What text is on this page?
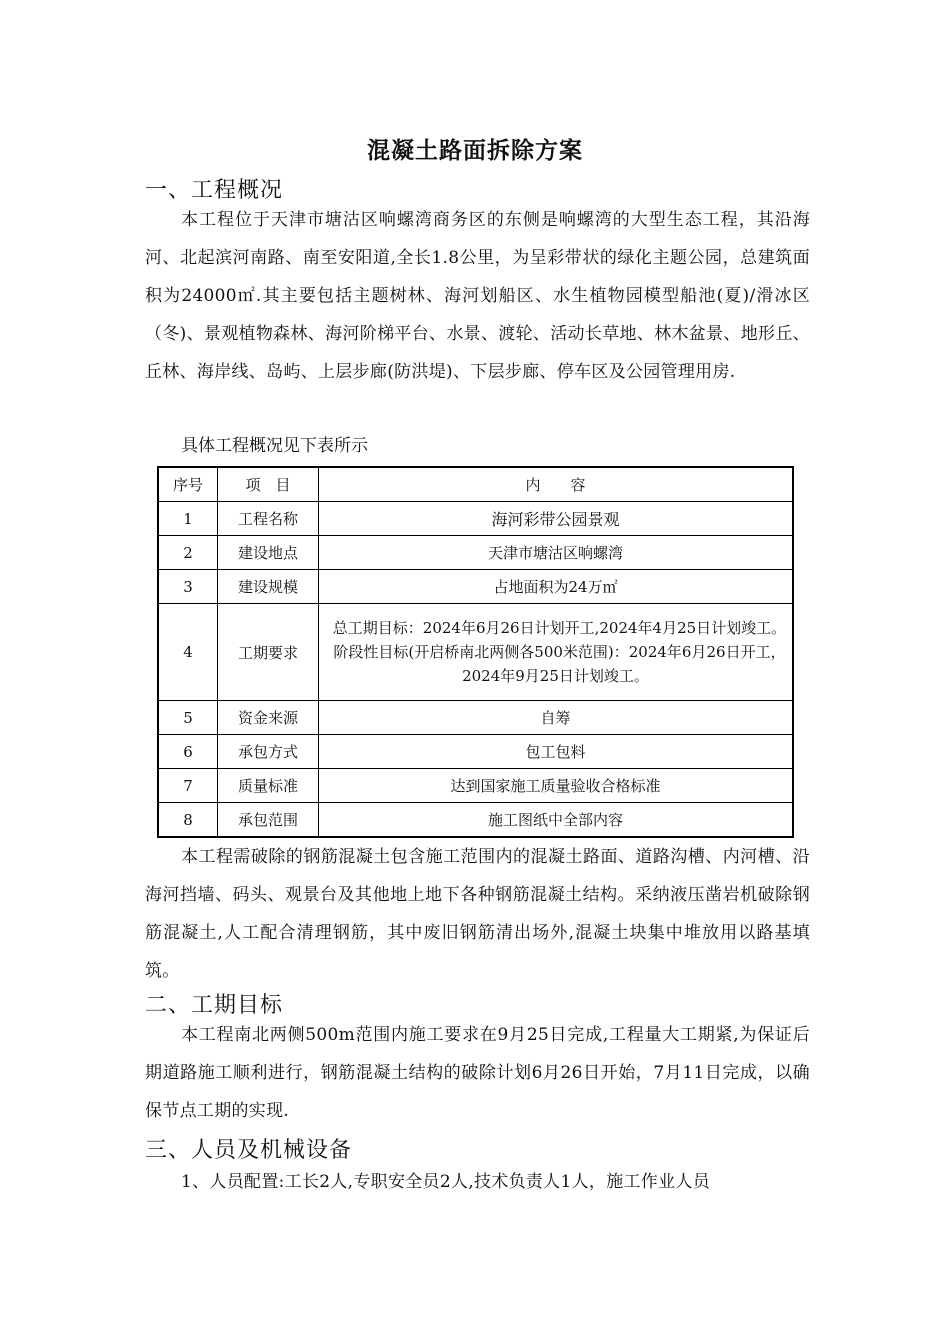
混凝土路面拆除方案
一、工程概况
本工程位于天津市塘沽区响螺湾商务区的东侧是响螺湾的大型生态工程，其沿海河、北起滨河南路、南至安阳道,全长1.8公里，为呈彩带状的绿化主题公园，总建筑面积为24000㎡.其主要包括主题树林、海河划船区、水生植物园模型船池(夏)/滑冰区（冬)、景观植物森林、海河阶梯平台、水景、渡轮、活动长草地、林木盆景、地形丘、丘林、海岸线、岛屿、上层步廊(防洪堤)、下层步廊、停车区及公园管理用房.
具体工程概况见下表所示
序号	项　目	内　　容
1	工程名称	海河彩带公园景观
2	建设地点	天津市塘沽区响螺湾
3	建设规模	占地面积为24万㎡
4	工期要求	总工期目标：2024年6月26日计划开工,2024年4月25日计划竣工。
阶段性目标(开启桥南北两侧各500米范围)：2024年6月26日开工，2024年9月25日计划竣工。

5	资金来源	自筹
6	承包方式	包工包料
7	质量标准	达到国家施工质量验收合格标准
8	承包范围	施工图纸中全部内容
本工程需破除的钢筋混凝土包含施工范围内的混凝土路面、道路沟槽、内河槽、沿海河挡墙、码头、观景台及其他地上地下各种钢筋混凝土结构。采纳液压凿岩机破除钢筋混凝土,人工配合清理钢筋，其中废旧钢筋清出场外,混凝土块集中堆放用以路基填筑。
二、工期目标
本工程南北两侧500m范围内施工要求在9月25日完成,工程量大工期紧,为保证后期道路施工顺利进行，钢筋混凝土结构的破除计划6月26日开始，7月11日完成，以确保节点工期的实现.
三、人员及机械设备
1、人员配置:工长2人,专职安全员2人,技术负责人1人，施工作业人员
